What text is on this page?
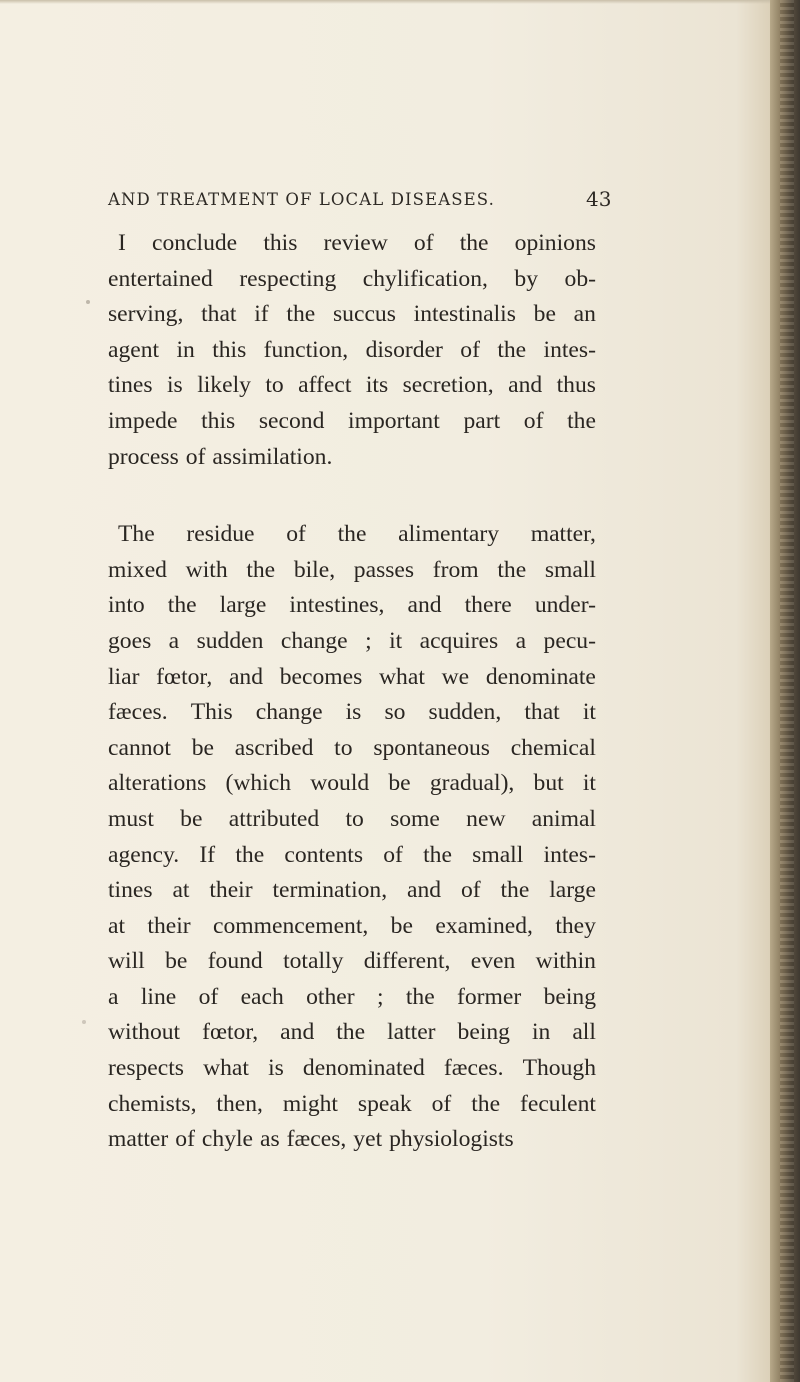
AND TREATMENT OF LOCAL DISEASES.	43
I conclude this review of the opinions
entertained respecting chylification, by ob-
serving, that if the succus intestinalis be an
agent in this function, disorder of the intes-
tines is likely to affect its secretion, and thus
impede this second important part of the
process of assimilation.
The residue of the alimentary matter,
mixed with the bile, passes from the small
into the large intestines, and there under-
goes a sudden change ; it acquires a pecu-
liar fœtor, and becomes what we denominate
fæces. This change is so sudden, that it
cannot be ascribed to spontaneous chemical
alterations (which would be gradual), but it
must be attributed to some new animal
agency. If the contents of the small intes-
tines at their termination, and of the large
at their commencement, be examined, they
will be found totally different, even within
a line of each other ; the former being
without fœtor, and the latter being in all
respects what is denominated fæces. Though
chemists, then, might speak of the feculent
matter of chyle as fæces, yet physiologists
